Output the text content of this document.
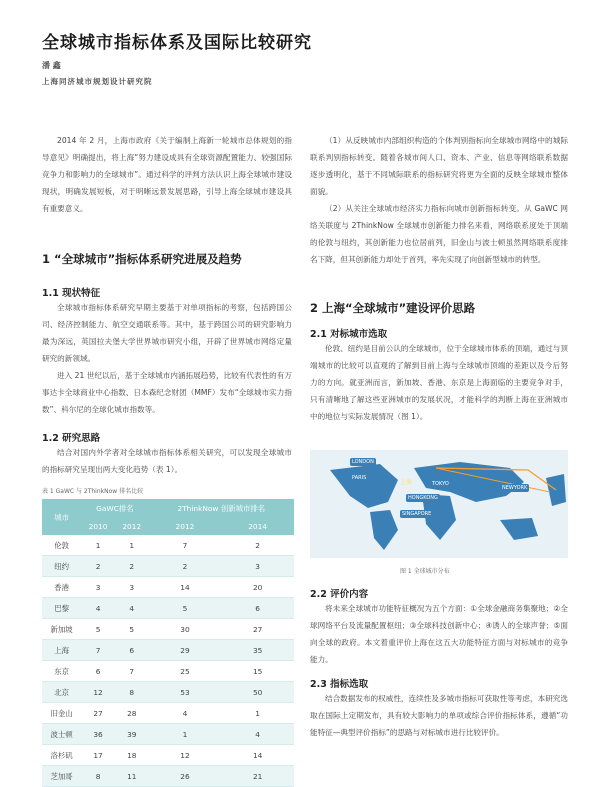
全球城市指标体系及国际比较研究
潘 鑫
上海同济城市规划设计研究院

2014 年 2 月，上海市政府《关于编制上海新一轮城市总体规划的指导意见》明确提出，将上海“努力建设成具有全球资源配置能力、较强国际竞争力和影响力的全球城市”。通过科学的评判方法认识上海全球城市建设现状，明确发展短板，对于明晰远景发展思路，引导上海全球城市建设具有重要意义。

1 “全球城市”指标体系研究进展及趋势
1.1 现状特征

全球城市指标体系研究早期主要基于对单项指标的考察，包括跨国公司、经济控制能力、航空交通联系等。其中，基于跨国公司的研究影响力最为深远，英国拉夫堡大学世界城市研究小组，开辟了世界城市网络定量研究的新领域。

进入 21 世纪以后，基于全球城市内涵拓展趋势，比较有代表性的有万事达卡全球商业中心指数、日本森纪念财团（MMF）发布“全球城市实力指数”、科尔尼的全球化城市指数等。

1.2 研究思路

结合对国内外学者对全球城市指标体系相关研究，可以发现全球城市的指标研究呈现出两大变化趋势（表 1）。

表 1 GaWC 与 2ThinkNow 排名比较
城市	GaWC排名		2ThinkNow 创新城市排名	
	2010	2012	2012	2014
伦敦	1	1	7	2
纽约	2	2	2	3
香港	3	3	14	20
巴黎	4	4	5	6
新加坡	5	5	30	27
上海	7	6	29	35
东京	6	7	25	15
北京	12	8	53	50
旧金山	27	28	4	1
波士顿	36	39	1	4
洛杉矶	17	18	12	14
芝加哥	8	11	26	21

（1）从反映城市内部组织构造的个体判别指标向全球城市网络中的城际联系判别指标转变。随着各城市间人口、资本、产业、信息等网络联系数据逐步透明化，基于不同城际联系的指标研究将更为全面的反映全球城市整体面貌。

（2）从关注全球城市经济实力指标向城市创新指标转变。从 GaWC 网络关联度与 2ThinkNow 全球城市创新能力排名来看，网络联系度处于顶端的伦敦与纽约，其创新能力也位居前列，旧金山与波士顿虽然网络联系度排名下降，但其创新能力却处于首列，率先实现了向创新型城市的转型。

2 上海“全球城市”建设评价思路
2.1 对标城市选取

伦敦、纽约是目前公认的全球城市，位于全球城市体系的顶端，通过与顶端城市的比较可以直观的了解到目前上海与全球城市顶端的差距以及今后努力的方向。就亚洲而言，新加坡、香港、东京是上海面临的主要竞争对手，只有清晰地了解这些亚洲城市的发展状况，才能科学的判断上海在亚洲城市中的地位与实际发展情况（图 1）。

LONDON
上海	TOKYO
NEWYORK
PARIS
HONGKONG
SINGAPORE
图 1 全球城市分布
2.2 评价内容

将未来全球城市功能特征概况为五个方面：①全球金融商务集聚地；②全球网络平台及流量配置枢纽；③全球科技创新中心；④诱人的全球声誉；⑤面向全球的政府。本文着重评价上海在这五大功能特征方面与对标城市的竞争能力。

2.3 指标选取

结合数据发布的权威性，连续性及多城市指标可获取性等考虑，本研究选取在国际上定期发布，具有较大影响力的单项或综合评价指标体系，遵循“功能特征—典型评价指标”的思路与对标城市进行比较评价。
